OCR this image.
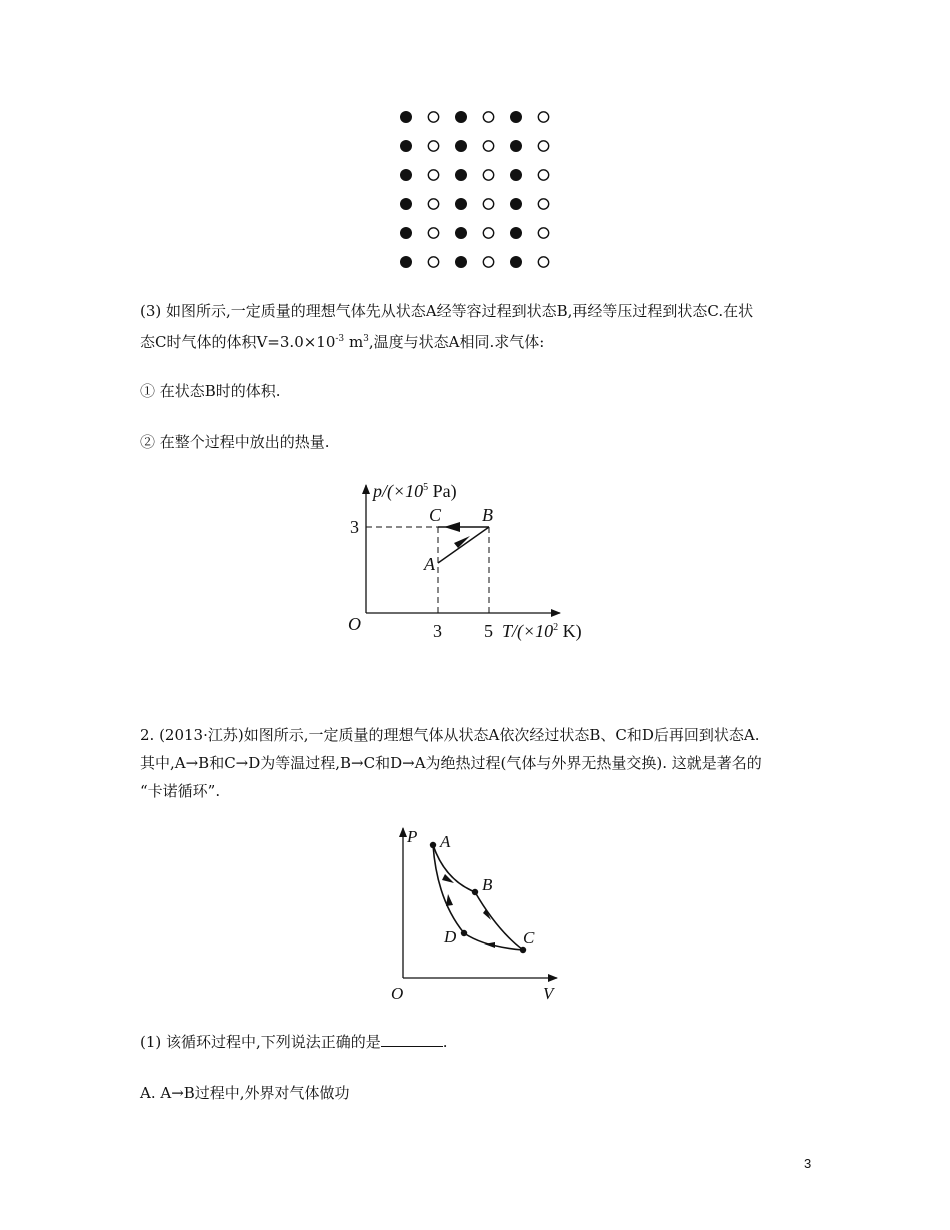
(3) 如图所示,一定质量的理想气体先从状态A经等容过程到状态B,再经等压过程到状态C.在状

态C时气体的体积$V=3.0\times 10^{-3}$ $m^3$,温度与状态A相同.求气体:

① 在状态B时的体积.

② 在整个过程中放出的热量.

$p/(\times 10^5$ Pa)
3
O	3 5 $T/(\times 10^2$ K)
C B
A

2. (2013·江苏)如图所示,一定质量的理想气体从状态A依次经过状态B、C和D后再回到状态A.

其中,A→B和C→D为等温过程,B→C和D→A为绝热过程(气体与外界无热量交换). 这就是著名的

“卡诺循环”.

P A
B
C
D
O	V

(1) 该循环过程中,下列说法正确的是	.

A. A→B过程中,外界对气体做功

3
